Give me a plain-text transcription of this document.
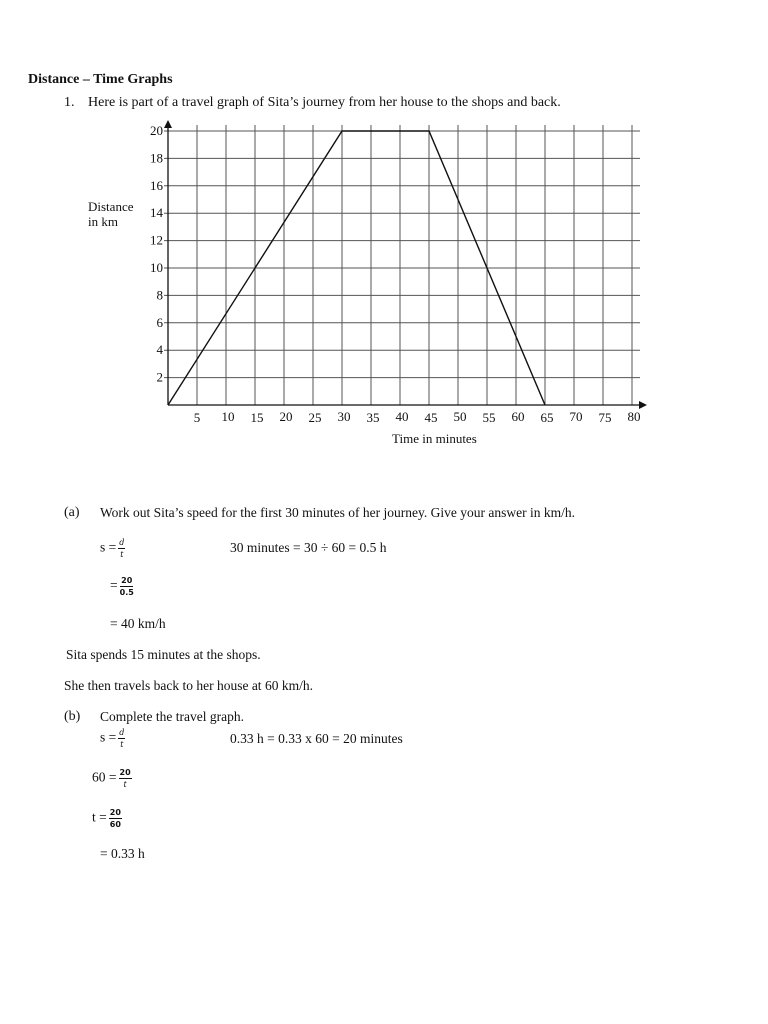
Distance – Time Graphs
1. Here is part of a travel graph of Sita’s journey from her house to the shops and back.
2
4
6
8
10
12
14
16
18
20
5 10 15 20 25 30 35 40 45 50 55 60 65 70 75 80
Distance
in km
Time in minutes
(a) Work out Sita’s speed for the first 30 minutes of her journey. Give your answer in km/h.
$s = \frac{d}{t}$	30 minutes = 30 ÷ 60 = 0.5 h
= $\frac{20}{0.5}$
= 40 km/h
Sita spends 15 minutes at the shops.
She then travels back to her house at 60 km/h.
(b) Complete the travel graph.
$s = \frac{d}{t}$	0.33 h = 0.33 x 60 = 20 minutes
$60 = \frac{20}{t}$
$t = \frac{20}{60}$
= 0.33 h
